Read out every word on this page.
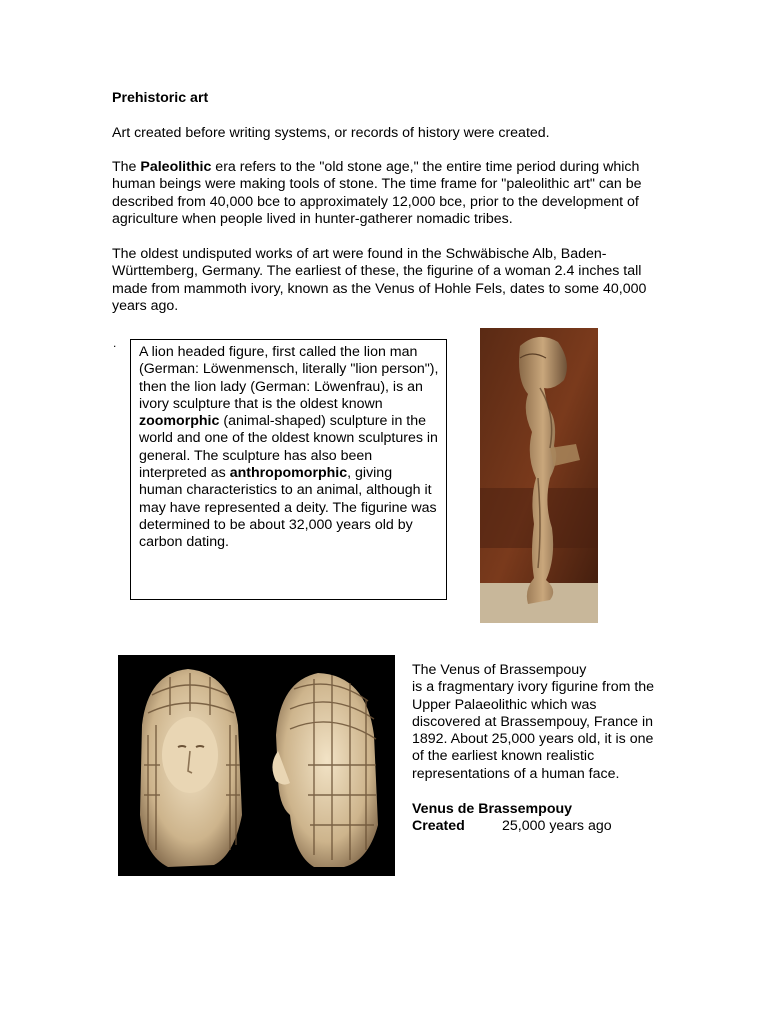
Prehistoric art
Art created before writing systems, or records of history were created.
The Paleolithic era refers to the "old stone age," the entire time period during which human beings were making tools of stone. The time frame for "paleolithic art" can be described from 40,000 bce to approximately 12,000 bce, prior to the development of agriculture when people lived in hunter-gatherer nomadic tribes.
The oldest undisputed works of art were found in the Schwäbische Alb, Baden-Württemberg, Germany. The earliest of these, the figurine of a woman 2.4 inches tall made from mammoth ivory, known as the Venus of Hohle Fels, dates to some 40,000 years ago.
.
A lion headed figure, first called the lion man (German: Löwenmensch, literally "lion person"), then the lion lady (German: Löwenfrau), is an ivory sculpture that is the oldest known zoomorphic (animal-shaped) sculpture in the world and one of the oldest known sculptures in general. The sculpture has also been interpreted as anthropomorphic, giving human characteristics to an animal, although it may have represented a deity. The figurine was determined to be about 32,000 years old by carbon dating.
The Venus of Brassempouy
is a fragmentary ivory figurine from the Upper Palaeolithic which was discovered at Brassempouy, France in 1892. About 25,000 years old, it is one of the earliest known realistic representations of a human face.
Venus de Brassempouy
Created	25,000 years ago
